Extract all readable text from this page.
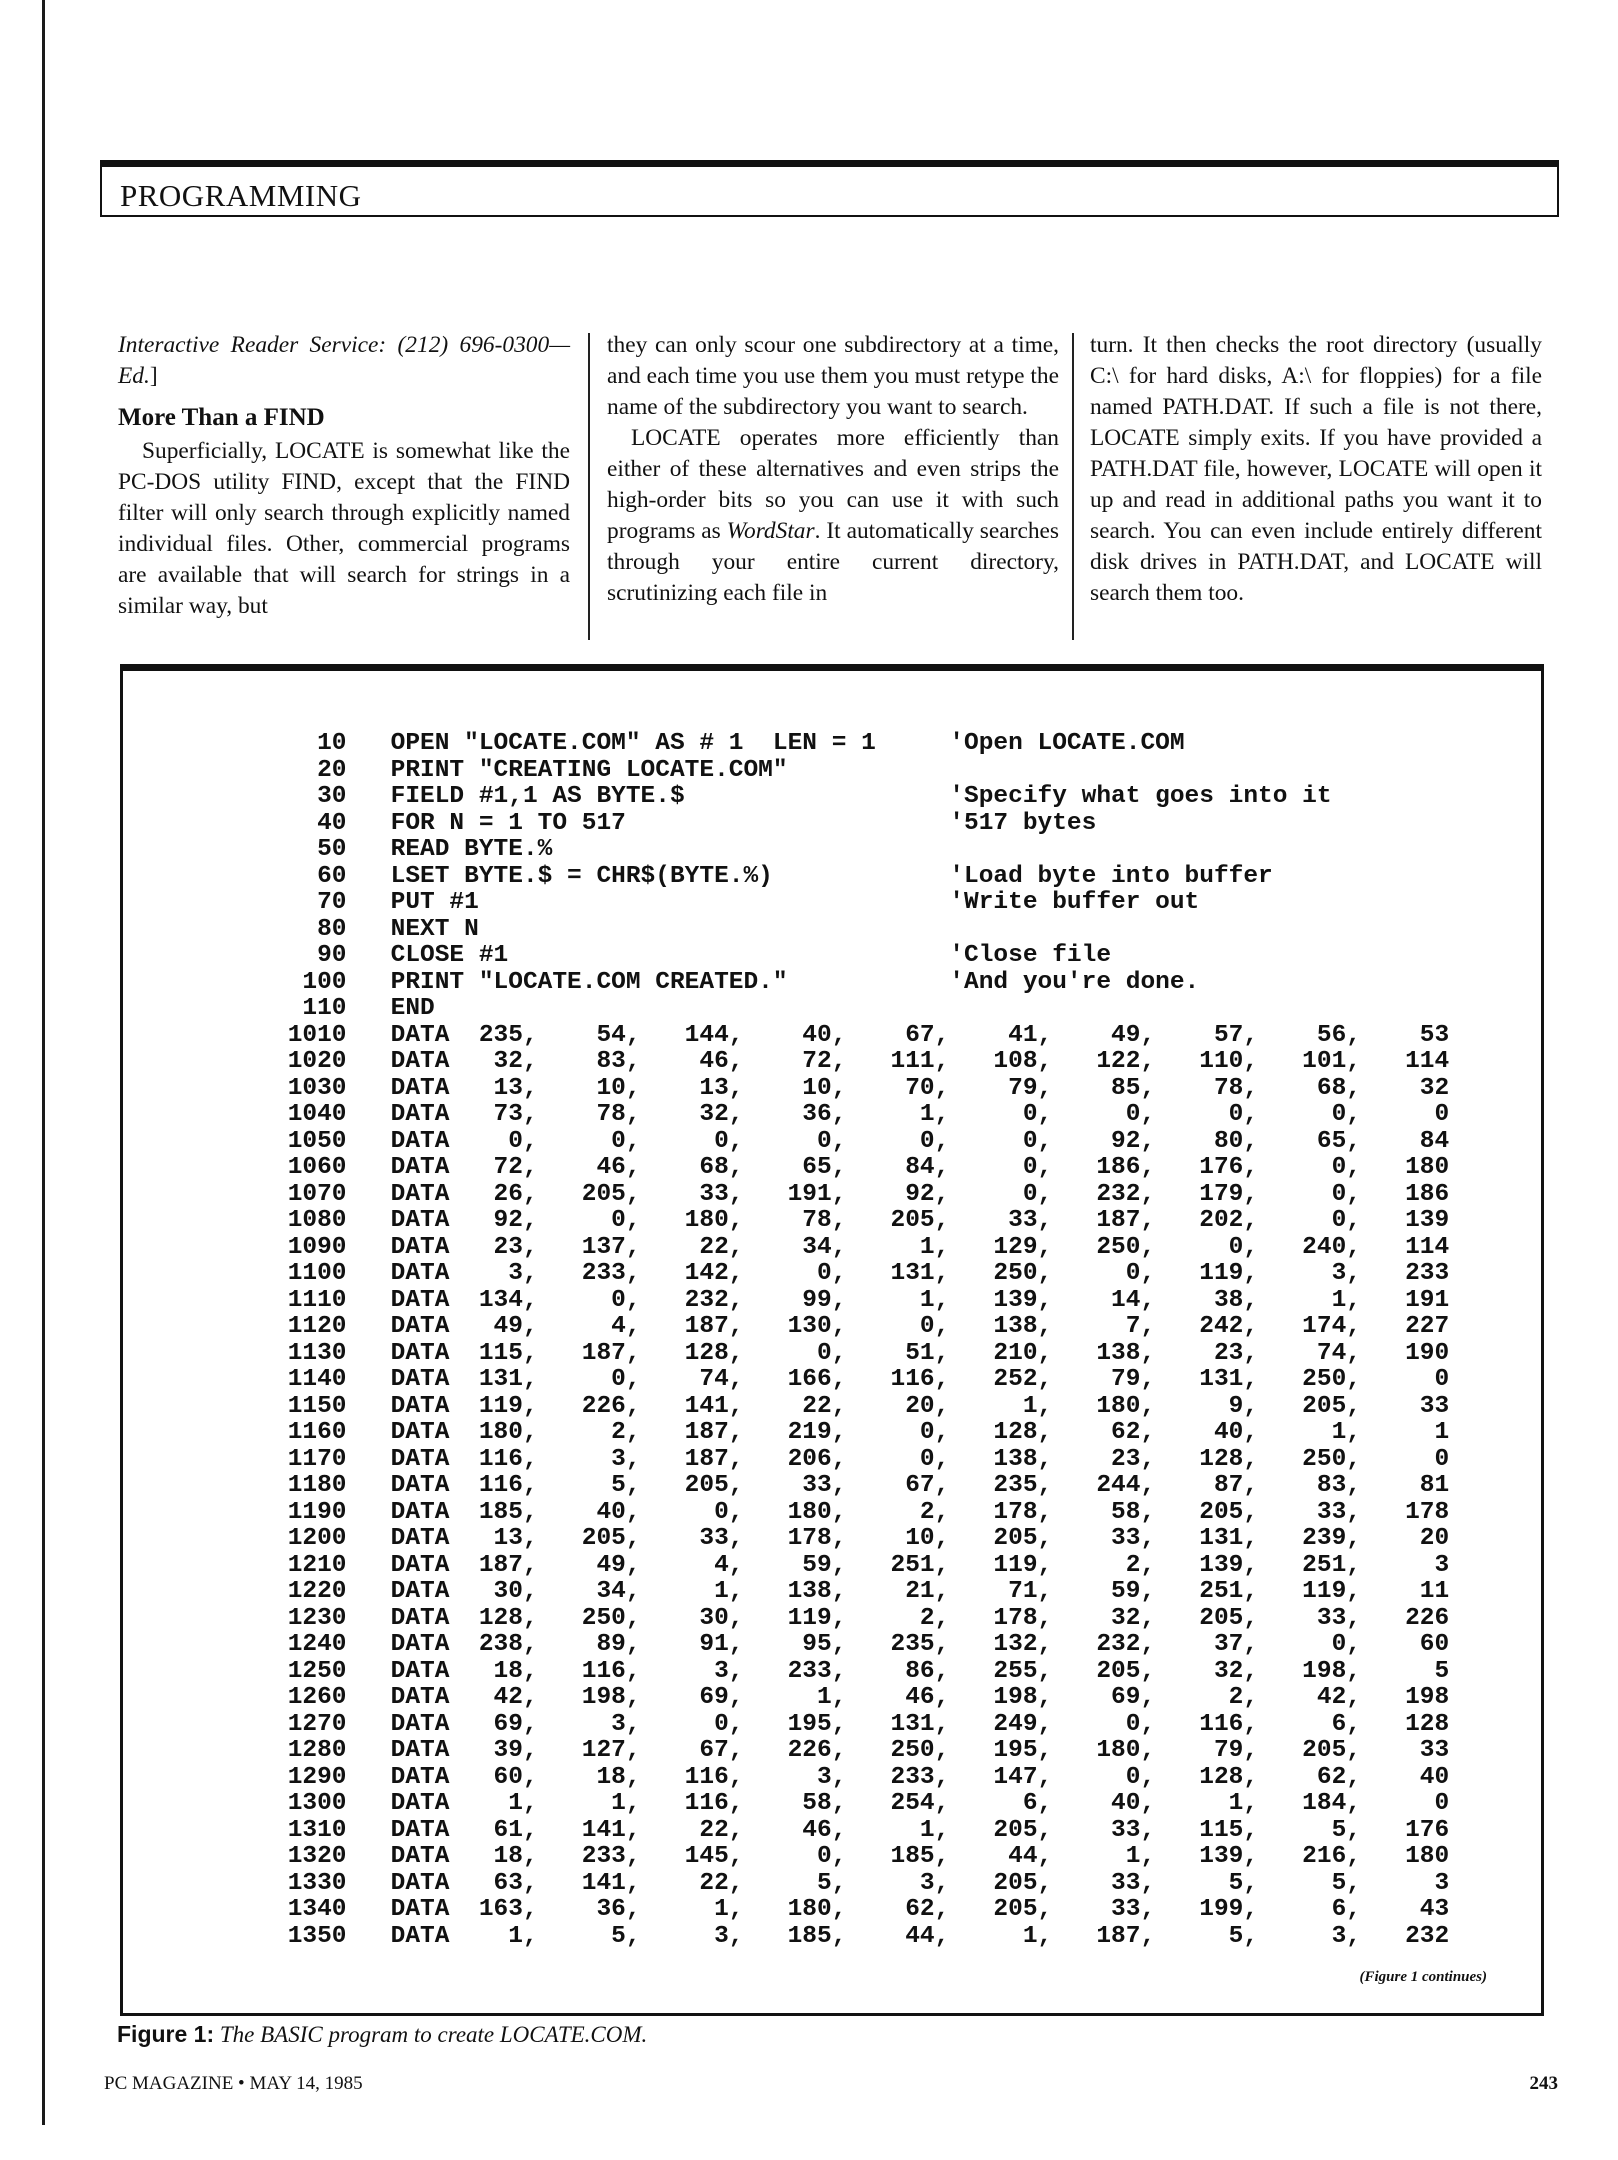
PROGRAMMING

Interactive Reader Service: (212) 696-0300—Ed.]

More Than a FIND

Superficially, LOCATE is somewhat like the PC-DOS utility FIND, except that the FIND filter will only search through explicitly named individual files. Other, commercial programs are available that will search for strings in a similar way, but

they can only scour one subdirectory at a time, and each time you use them you must retype the name of the subdirectory you want to search.

LOCATE operates more efficiently than either of these alternatives and even strips the high-order bits so you can use it with such programs as WordStar. It automatically searches through your entire current directory, scrutinizing each file in

turn. It then checks the root directory (usually C:\ for hard disks, A:\ for floppies) for a file named PATH.DAT. If such a file is not there, LOCATE simply exits. If you have provided a PATH.DAT file, however, LOCATE will open it up and read in additional paths you want it to search. You can even include entirely different disk drives in PATH.DAT, and LOCATE will search them too.

10   OPEN "LOCATE.COM" AS # 1  LEN = 1     'Open LOCATE.COM
20   PRINT "CREATING LOCATE.COM"
30   FIELD #1,1 AS BYTE.$                  'Specify what goes into it
40   FOR N = 1 TO 517                      '517 bytes
50   READ BYTE.%
60   LSET BYTE.$ = CHR$(BYTE.%)            'Load byte into buffer
70   PUT #1                                'Write buffer out
80   NEXT N
90   CLOSE #1                              'Close file
100   PRINT "LOCATE.COM CREATED."           'And you're done.
110   END
1010   DATA  235,    54,   144,    40,    67,    41,    49,    57,    56,    53
1020   DATA   32,    83,    46,    72,   111,   108,   122,   110,   101,   114
1030   DATA   13,    10,    13,    10,    70,    79,    85,    78,    68,    32
1040   DATA   73,    78,    32,    36,     1,     0,     0,     0,     0,     0
1050   DATA    0,     0,     0,     0,     0,     0,    92,    80,    65,    84
1060   DATA   72,    46,    68,    65,    84,     0,   186,   176,     0,   180
1070   DATA   26,   205,    33,   191,    92,     0,   232,   179,     0,   186
1080   DATA   92,     0,   180,    78,   205,    33,   187,   202,     0,   139
1090   DATA   23,   137,    22,    34,     1,   129,   250,     0,   240,   114
1100   DATA    3,   233,   142,     0,   131,   250,     0,   119,     3,   233
1110   DATA  134,     0,   232,    99,     1,   139,    14,    38,     1,   191
1120   DATA   49,     4,   187,   130,     0,   138,     7,   242,   174,   227
1130   DATA  115,   187,   128,     0,    51,   210,   138,    23,    74,   190
1140   DATA  131,     0,    74,   166,   116,   252,    79,   131,   250,     0
1150   DATA  119,   226,   141,    22,    20,     1,   180,     9,   205,    33
1160   DATA  180,     2,   187,   219,     0,   128,    62,    40,     1,     1
1170   DATA  116,     3,   187,   206,     0,   138,    23,   128,   250,     0
1180   DATA  116,     5,   205,    33,    67,   235,   244,    87,    83,    81
1190   DATA  185,    40,     0,   180,     2,   178,    58,   205,    33,   178
1200   DATA   13,   205,    33,   178,    10,   205,    33,   131,   239,    20
1210   DATA  187,    49,     4,    59,   251,   119,     2,   139,   251,     3
1220   DATA   30,    34,     1,   138,    21,    71,    59,   251,   119,    11
1230   DATA  128,   250,    30,   119,     2,   178,    32,   205,    33,   226
1240   DATA  238,    89,    91,    95,   235,   132,   232,    37,     0,    60
1250   DATA   18,   116,     3,   233,    86,   255,   205,    32,   198,     5
1260   DATA   42,   198,    69,     1,    46,   198,    69,     2,    42,   198
1270   DATA   69,     3,     0,   195,   131,   249,     0,   116,     6,   128
1280   DATA   39,   127,    67,   226,   250,   195,   180,    79,   205,    33
1290   DATA   60,    18,   116,     3,   233,   147,     0,   128,    62,    40
1300   DATA    1,     1,   116,    58,   254,     6,    40,     1,   184,     0
1310   DATA   61,   141,    22,    46,     1,   205,    33,   115,     5,   176
1320   DATA   18,   233,   145,     0,   185,    44,     1,   139,   216,   180
1330   DATA   63,   141,    22,     5,     3,   205,    33,     5,     5,     3
1340   DATA  163,    36,     1,   180,    62,   205,    33,   199,     6,    43
1350   DATA    1,     5,     3,   185,    44,     1,   187,     5,     3,   232
(Figure 1 continues)
Figure 1: The BASIC program to create LOCATE.COM.
PC MAGAZINE • MAY 14, 1985	243
